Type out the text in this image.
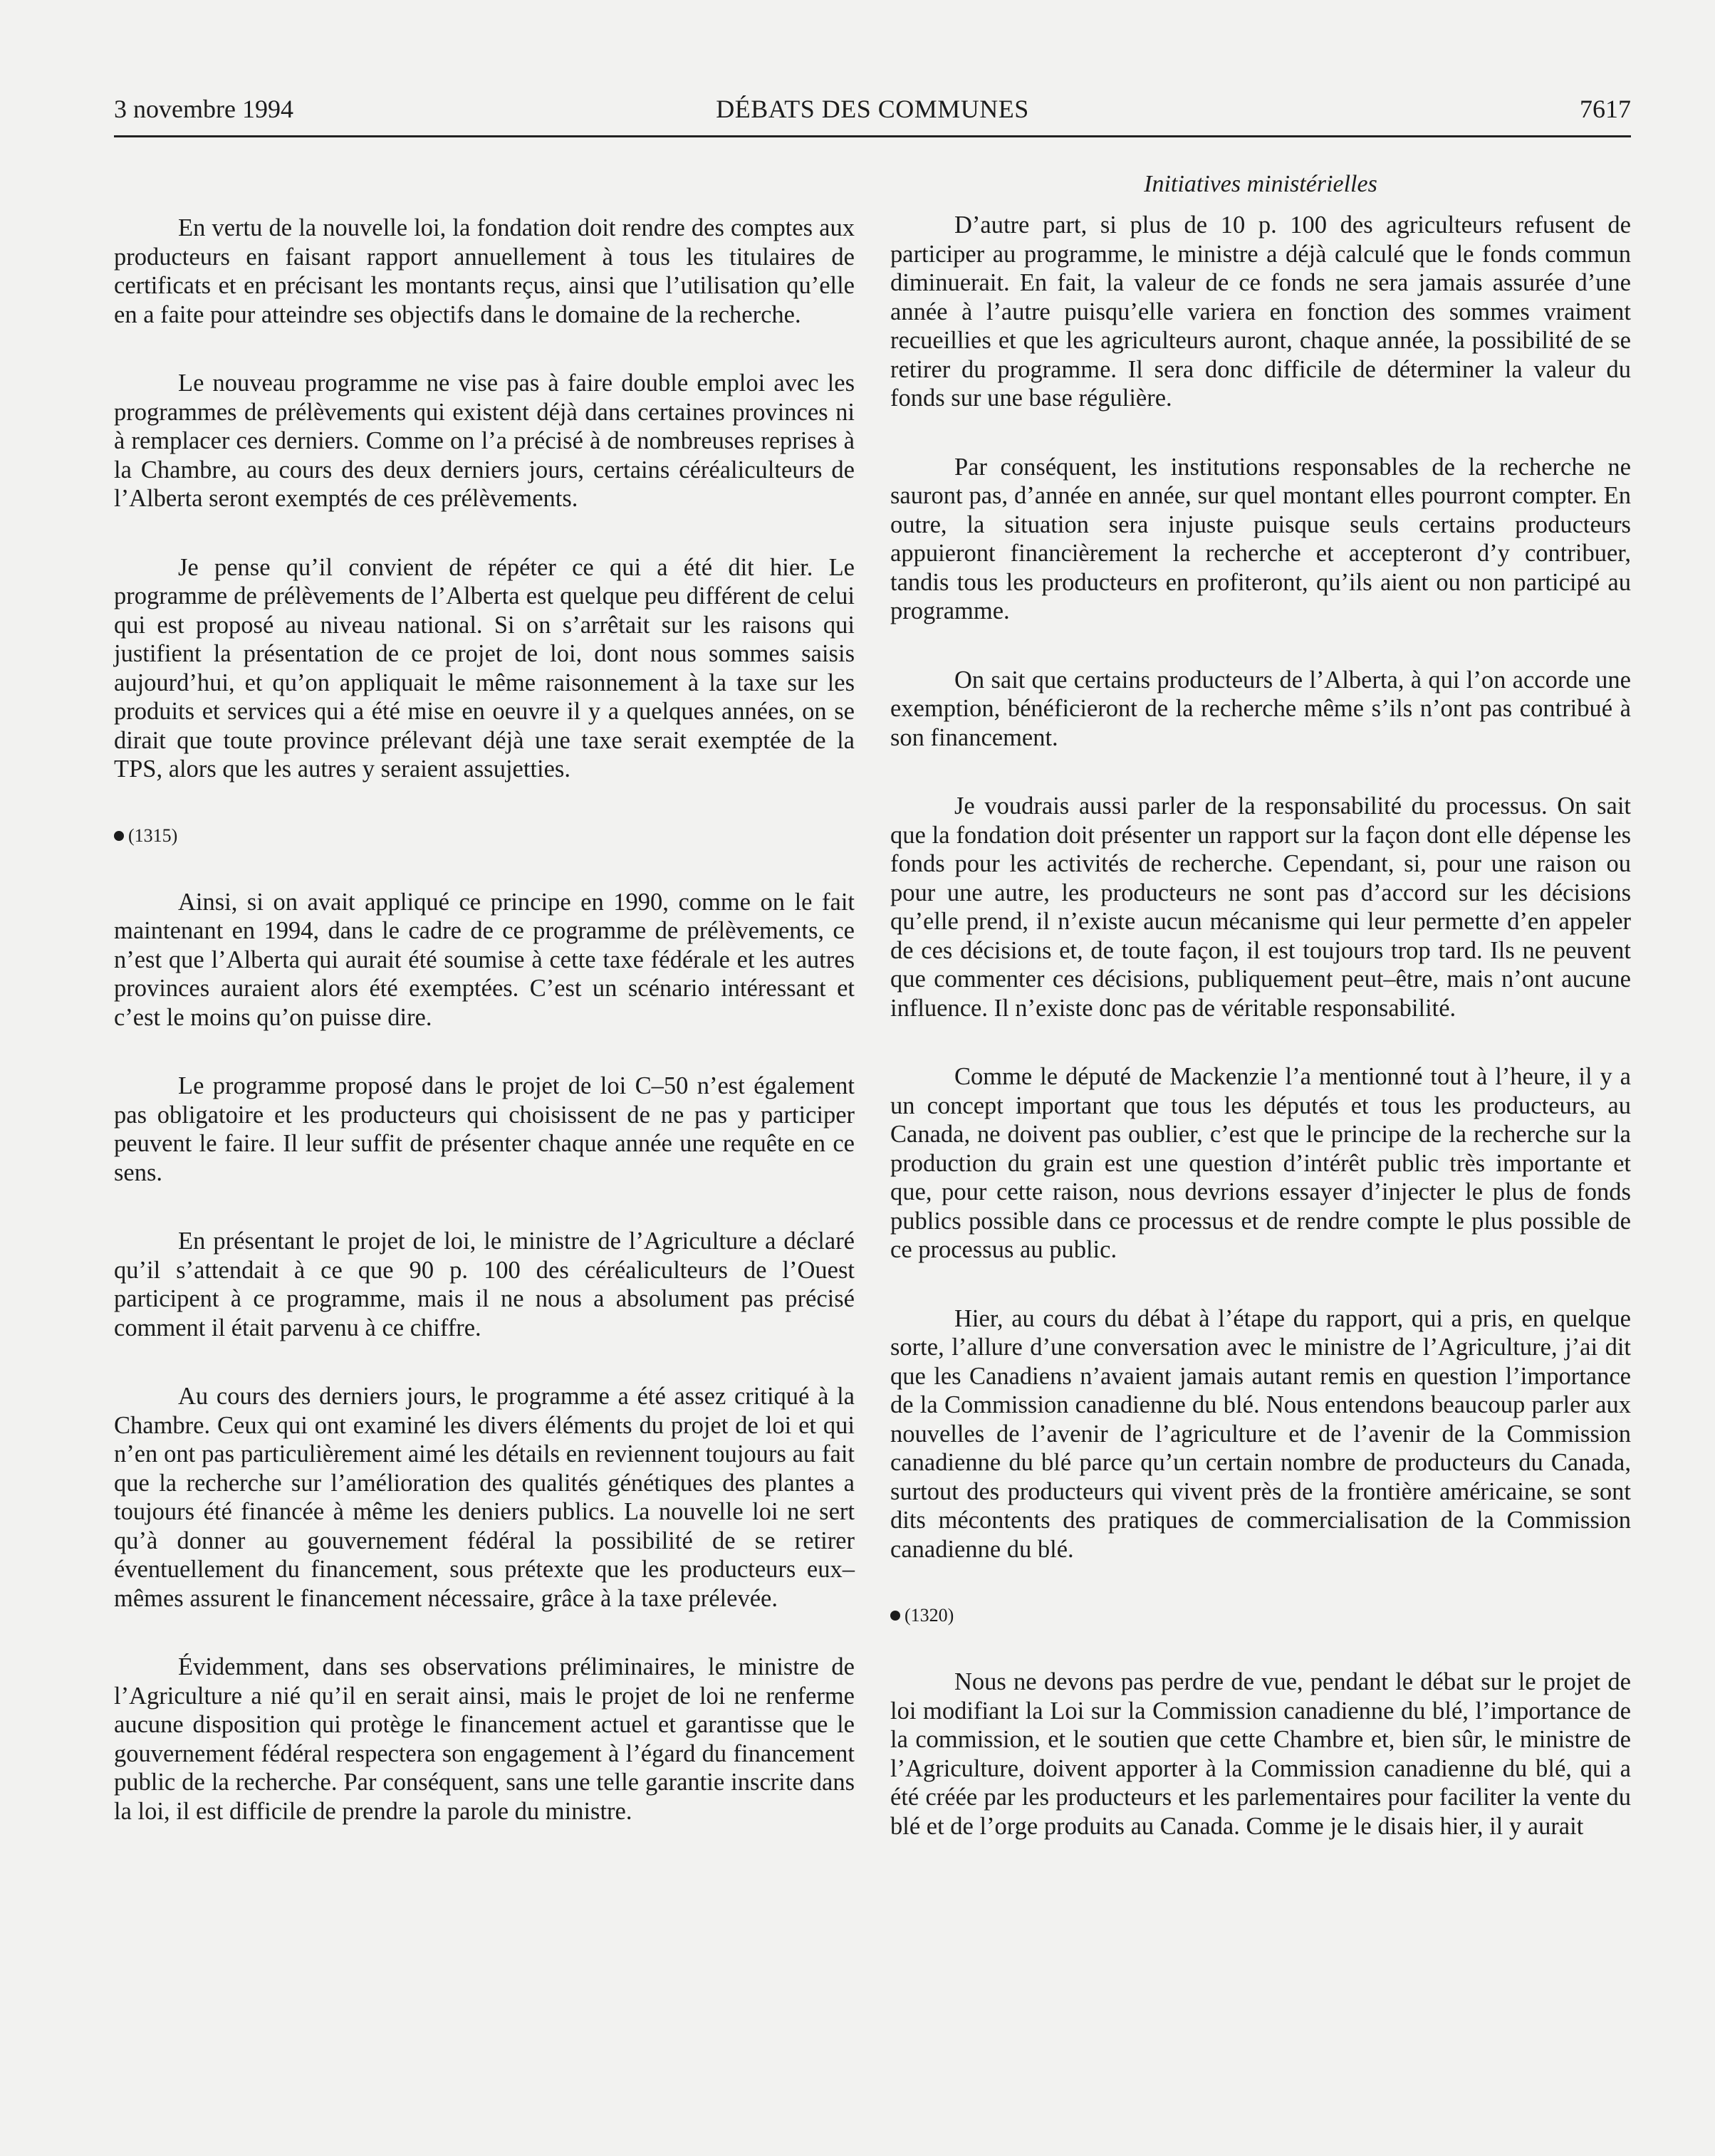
3 novembre 1994	DÉBATS DES COMMUNES	7617
Initiatives ministérielles

En vertu de la nouvelle loi, la fondation doit rendre des comptes aux producteurs en faisant rapport annuellement à tous les titulaires de certificats et en précisant les montants reçus, ainsi que l’utilisation qu’elle en a faite pour atteindre ses objectifs dans le domaine de la recherche.

Le nouveau programme ne vise pas à faire double emploi avec les programmes de prélèvements qui existent déjà dans certaines provinces ni à remplacer ces derniers. Comme on l’a précisé à de nombreuses reprises à la Chambre, au cours des deux derniers jours, certains céréaliculteurs de l’Alberta seront exemptés de ces prélèvements.

Je pense qu’il convient de répéter ce qui a été dit hier. Le programme de prélèvements de l’Alberta est quelque peu différent de celui qui est proposé au niveau national. Si on s’arrêtait sur les raisons qui justifient la présentation de ce projet de loi, dont nous sommes saisis aujourd’hui, et qu’on appliquait le même raisonnement à la taxe sur les produits et services qui a été mise en oeuvre il y a quelques années, on se dirait que toute province prélevant déjà une taxe serait exemptée de la TPS, alors que les autres y seraient assujetties.

(1315)

Ainsi, si on avait appliqué ce principe en 1990, comme on le fait maintenant en 1994, dans le cadre de ce programme de prélèvements, ce n’est que l’Alberta qui aurait été soumise à cette taxe fédérale et les autres provinces auraient alors été exemptées. C’est un scénario intéressant et c’est le moins qu’on puisse dire.

Le programme proposé dans le projet de loi C–50 n’est également pas obligatoire et les producteurs qui choisissent de ne pas y participer peuvent le faire. Il leur suffit de présenter chaque année une requête en ce sens.

En présentant le projet de loi, le ministre de l’Agriculture a déclaré qu’il s’attendait à ce que 90 p. 100 des céréaliculteurs de l’Ouest participent à ce programme, mais il ne nous a absolument pas précisé comment il était parvenu à ce chiffre.

Au cours des derniers jours, le programme a été assez critiqué à la Chambre. Ceux qui ont examiné les divers éléments du projet de loi et qui n’en ont pas particulièrement aimé les détails en reviennent toujours au fait que la recherche sur l’amélioration des qualités génétiques des plantes a toujours été financée à même les deniers publics. La nouvelle loi ne sert qu’à donner au gouvernement fédéral la possibilité de se retirer éventuellement du financement, sous prétexte que les producteurs eux–mêmes assurent le financement nécessaire, grâce à la taxe prélevée.

Évidemment, dans ses observations préliminaires, le ministre de l’Agriculture a nié qu’il en serait ainsi, mais le projet de loi ne renferme aucune disposition qui protège le financement actuel et garantisse que le gouvernement fédéral respectera son engagement à l’égard du financement public de la recherche. Par conséquent, sans une telle garantie inscrite dans la loi, il est difficile de prendre la parole du ministre.

D’autre part, si plus de 10 p. 100 des agriculteurs refusent de participer au programme, le ministre a déjà calculé que le fonds commun diminuerait. En fait, la valeur de ce fonds ne sera jamais assurée d’une année à l’autre puisqu’elle variera en fonction des sommes vraiment recueillies et que les agriculteurs auront, chaque année, la possibilité de se retirer du programme. Il sera donc difficile de déterminer la valeur du fonds sur une base régulière.

Par conséquent, les institutions responsables de la recherche ne sauront pas, d’année en année, sur quel montant elles pourront compter. En outre, la situation sera injuste puisque seuls certains producteurs appuieront financièrement la recherche et accepteront d’y contribuer, tandis tous les producteurs en profiteront, qu’ils aient ou non participé au programme.

On sait que certains producteurs de l’Alberta, à qui l’on accorde une exemption, bénéficieront de la recherche même s’ils n’ont pas contribué à son financement.

Je voudrais aussi parler de la responsabilité du processus. On sait que la fondation doit présenter un rapport sur la façon dont elle dépense les fonds pour les activités de recherche. Cependant, si, pour une raison ou pour une autre, les producteurs ne sont pas d’accord sur les décisions qu’elle prend, il n’existe aucun mécanisme qui leur permette d’en appeler de ces décisions et, de toute façon, il est toujours trop tard. Ils ne peuvent que commenter ces décisions, publiquement peut–être, mais n’ont aucune influence. Il n’existe donc pas de véritable responsabilité.

Comme le député de Mackenzie l’a mentionné tout à l’heure, il y a un concept important que tous les députés et tous les producteurs, au Canada, ne doivent pas oublier, c’est que le principe de la recherche sur la production du grain est une question d’intérêt public très importante et que, pour cette raison, nous devrions essayer d’injecter le plus de fonds publics possible dans ce processus et de rendre compte le plus possible de ce processus au public.

Hier, au cours du débat à l’étape du rapport, qui a pris, en quelque sorte, l’allure d’une conversation avec le ministre de l’Agriculture, j’ai dit que les Canadiens n’avaient jamais autant remis en question l’importance de la Commission canadienne du blé. Nous entendons beaucoup parler aux nouvelles de l’avenir de l’agriculture et de l’avenir de la Commission canadienne du blé parce qu’un certain nombre de producteurs du Canada, surtout des producteurs qui vivent près de la frontière américaine, se sont dits mécontents des pratiques de commercialisation de la Commission canadienne du blé.

(1320)

Nous ne devons pas perdre de vue, pendant le débat sur le projet de loi modifiant la Loi sur la Commission canadienne du blé, l’importance de la commission, et le soutien que cette Chambre et, bien sûr, le ministre de l’Agriculture, doivent apporter à la Commission canadienne du blé, qui a été créée par les producteurs et les parlementaires pour faciliter la vente du blé et de l’orge produits au Canada. Comme je le disais hier, il y aurait
